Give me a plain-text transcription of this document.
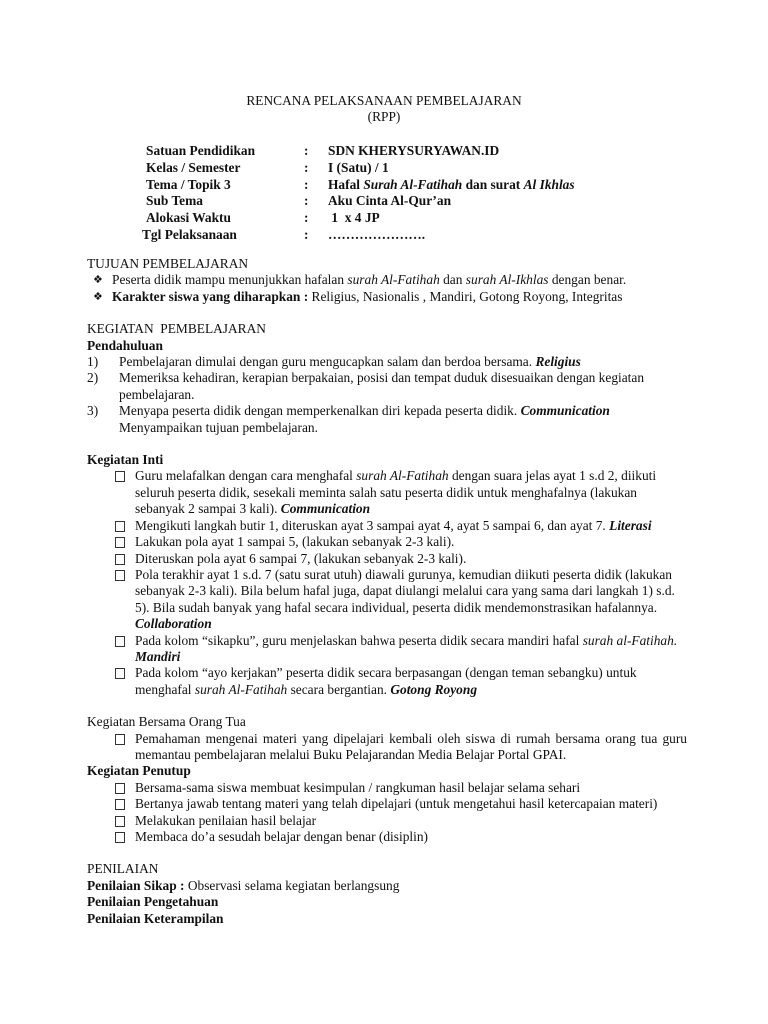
RENCANA PELAKSANAAN PEMBELAJARAN
(RPP)
Satuan Pendidikan	: SDN KHERYSURYAWAN.ID
Kelas / Semester	: I (Satu) / 1
Tema / Topik 3	: Hafal Surah Al-Fatihah dan surat Al Ikhlas
Sub Tema	: Aku Cinta Al-Qur’an
Alokasi Waktu	: 1  x 4 JP
Tgl Pelaksanaan	: ………………….
TUJUAN PEMBELAJARAN
❖ Peserta didik mampu menunjukkan hafalan surah Al-Fatihah dan surah Al-Ikhlas dengan benar.
❖ Karakter siswa yang diharapkan : Religius, Nasionalis , Mandiri, Gotong Royong, Integritas
KEGIATAN  PEMBELAJARAN
Pendahuluan
1) Pembelajaran dimulai dengan guru mengucapkan salam dan berdoa bersama. Religius
2) Memeriksa kehadiran, kerapian berpakaian, posisi dan tempat duduk disesuaikan dengan kegiatan pembelajaran.
3) Menyapa peserta didik dengan memperkenalkan diri kepada peserta didik. Communication
Menyampaikan tujuan pembelajaran.
Kegiatan Inti
Guru melafalkan dengan cara menghafal surah Al-Fatihah dengan suara jelas ayat 1 s.d 2, diikuti seluruh peserta didik, sesekali meminta salah satu peserta didik untuk menghafalnya (lakukan sebanyak 2 sampai 3 kali). Communication
Mengikuti langkah butir 1, diteruskan ayat 3 sampai ayat 4, ayat 5 sampai 6, dan ayat 7. Literasi
Lakukan pola ayat 1 sampai 5, (lakukan sebanyak 2-3 kali).
Diteruskan pola ayat 6 sampai 7, (lakukan sebanyak 2-3 kali).
Pola terakhir ayat 1 s.d. 7 (satu surat utuh) diawali gurunya, kemudian diikuti peserta didik (lakukan sebanyak 2-3 kali). Bila belum hafal juga, dapat diulangi melalui cara yang sama dari langkah 1) s.d. 5). Bila sudah banyak yang hafal secara individual, peserta didik mendemonstrasikan hafalannya. Collaboration
Pada kolom “sikapku”, guru menjelaskan bahwa peserta didik secara mandiri hafal surah al-Fatihah. Mandiri
Pada kolom “ayo kerjakan” peserta didik secara berpasangan (dengan teman sebangku) untuk menghafal surah Al-Fatihah secara bergantian. Gotong Royong
Kegiatan Bersama Orang Tua
Pemahaman mengenai materi yang dipelajari kembali oleh siswa di rumah bersama orang tua guru memantau pembelajaran melalui Buku Pelajarandan Media Belajar Portal GPAI.
Kegiatan Penutup
Bersama-sama siswa membuat kesimpulan / rangkuman hasil belajar selama sehari
Bertanya jawab tentang materi yang telah dipelajari (untuk mengetahui hasil ketercapaian materi)
Melakukan penilaian hasil belajar
Membaca do’a sesudah belajar dengan benar (disiplin)
PENILAIAN
Penilaian Sikap : Observasi selama kegiatan berlangsung
Penilaian Pengetahuan
Penilaian Keterampilan
